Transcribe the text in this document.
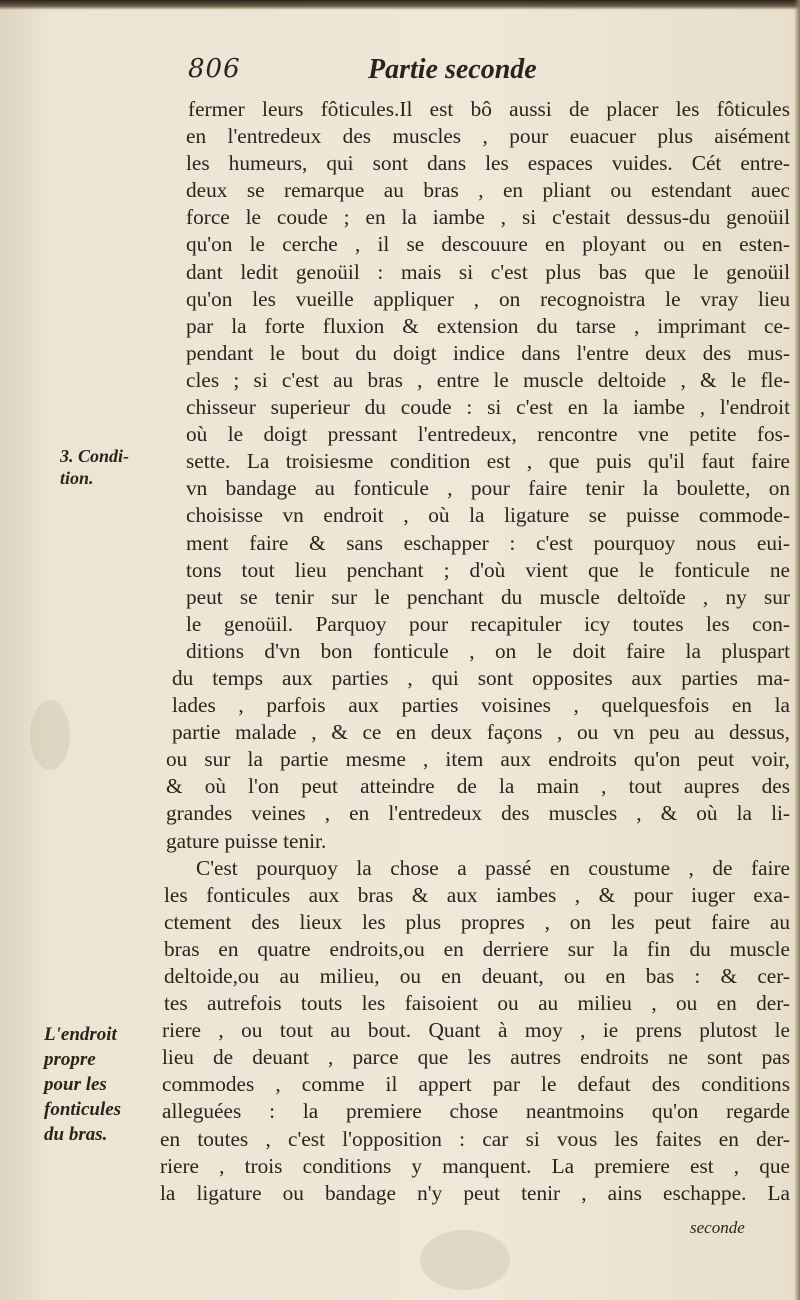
806	Partie seconde
fermer leurs fôticules.Il est bô aussi de placer les fôticules
en l'entredeux des muscles , pour euacuer plus aisément
les humeurs, qui sont dans les espaces vuides. Cét entre-
deux se remarque au bras , en pliant ou estendant auec
force le coude ; en la iambe , si c'estait dessus-du genoüil
qu'on le cerche , il se descouure en ployant ou en esten-
dant ledit genoüil : mais si c'est plus bas que le genoüil
qu'on les vueille appliquer , on recognoistra le vray lieu
par la forte fluxion & extension du tarse , imprimant ce-
pendant le bout du doigt indice dans l'entre deux des mus-
cles ; si c'est au bras , entre le muscle deltoide , & le fle-
chisseur superieur du coude : si c'est en la iambe , l'endroit
où le doigt pressant l'entredeux, rencontre vne petite fos-
sette. La troisiesme condition est , que puis qu'il faut faire
vn bandage au fonticule , pour faire tenir la boulette, on
choisisse vn endroit , où la ligature se puisse commode-
ment faire & sans eschapper : c'est pourquoy nous eui-
tons tout lieu penchant ; d'où vient que le fonticule ne
peut se tenir sur le penchant du muscle deltoïde , ny sur
le genoüil. Parquoy pour recapituler icy toutes les con-
ditions d'vn bon fonticule , on le doit faire la pluspart
du temps aux parties , qui sont opposites aux parties ma-
lades , parfois aux parties voisines , quelquesfois en la
partie malade , & ce en deux façons , ou vn peu au dessus,
ou sur la partie mesme , item aux endroits qu'on peut voir,
& où l'on peut atteindre de la main , tout aupres des
grandes veines , en l'entredeux des muscles , & où la li-
gature puisse tenir.
C'est pourquoy la chose a passé en coustume , de faire
les fonticules aux bras & aux iambes , & pour iuger exa-
ctement des lieux les plus propres , on les peut faire au
bras en quatre endroits,ou en derriere sur la fin du muscle
deltoide,ou au milieu, ou en deuant, ou en bas : & cer-
tes autrefois touts les faisoient ou au milieu , ou en der-
riere , ou tout au bout. Quant à moy , ie prens plutost le
lieu de deuant , parce que les autres endroits ne sont pas
commodes , comme il appert par le defaut des conditions
alleguées : la premiere chose neantmoins qu'on regarde
en toutes , c'est l'opposition : car si vous les faites en der-
riere , trois conditions y manquent. La premiere est , que
la ligature ou bandage n'y peut tenir , ains eschappe. La
seconde
3. Condi-
tion.
L'endroit
propre
pour les
fonticules
du bras.
